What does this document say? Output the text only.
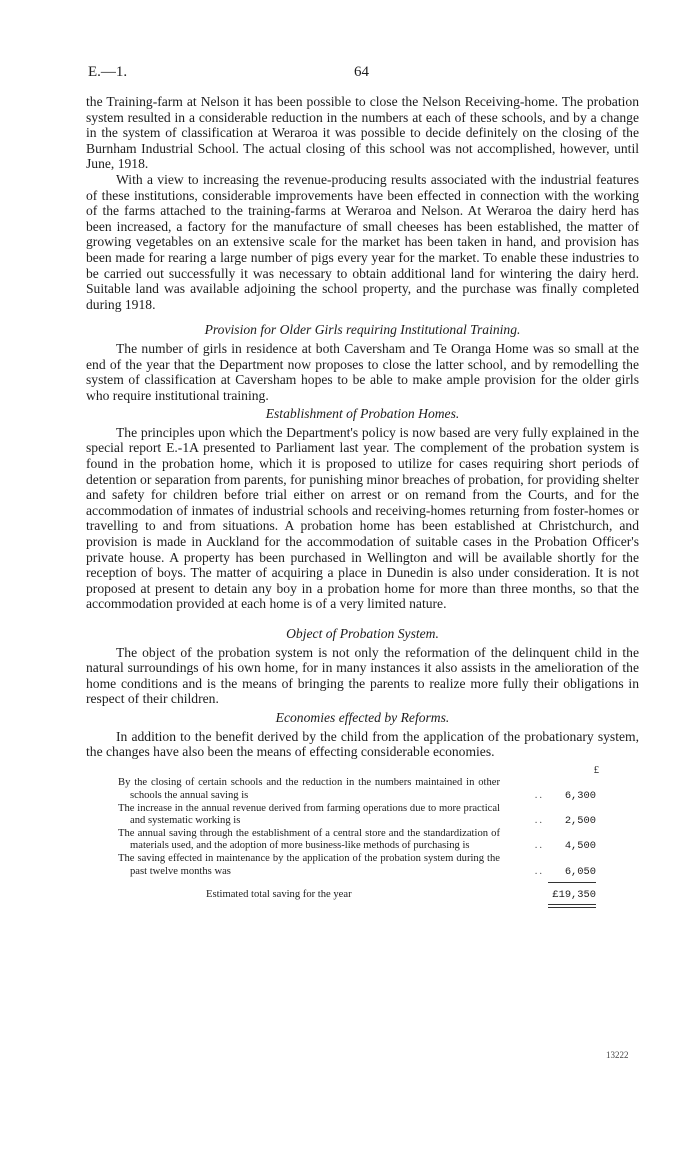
E.—1.	64

the Training-farm at Nelson it has been possible to close the Nelson Receiving-home. The probation system resulted in a considerable reduction in the numbers at each of these schools, and by a change in the system of classification at Weraroa it was possible to decide definitely on the closing of the Burnham Industrial School. The actual closing of this school was not accomplished, however, until June, 1918.

With a view to increasing the revenue-producing results associated with the industrial features of these institutions, considerable improvements have been effected in connection with the working of the farms attached to the training-farms at Weraroa and Nelson. At Weraroa the dairy herd has been increased, a factory for the manufacture of small cheeses has been established, the matter of growing vegetables on an extensive scale for the market has been taken in hand, and provision has been made for rearing a large number of pigs every year for the market. To enable these industries to be carried out successfully it was necessary to obtain additional land for wintering the dairy herd. Suitable land was available adjoining the school property, and the purchase was finally completed during 1918.

Provision for Older Girls requiring Institutional Training.

The number of girls in residence at both Caversham and Te Oranga Home was so small at the end of the year that the Department now proposes to close the latter school, and by remodelling the system of classification at Caversham hopes to be able to make ample provision for the older girls who require institutional training.

Establishment of Probation Homes.

The principles upon which the Department's policy is now based are very fully explained in the special report E.-1A presented to Parliament last year. The complement of the probation system is found in the probation home, which it is proposed to utilize for cases requiring short periods of detention or separation from parents, for punishing minor breaches of probation, for providing shelter and safety for children before trial either on arrest or on remand from the Courts, and for the accommodation of inmates of industrial schools and receiving-homes returning from foster-homes or travelling to and from situations. A probation home has been established at Christchurch, and provision is made in Auckland for the accommodation of suitable cases in the Probation Officer's private house. A property has been purchased in Wellington and will be available shortly for the reception of boys. The matter of acquiring a place in Dunedin is also under consideration. It is not proposed at present to detain any boy in a probation home for more than three months, so that the accommodation provided at each home is of a very limited nature.

Object of Probation System.

The object of the probation system is not only the reformation of the delinquent child in the natural surroundings of his own home, for in many instances it also assists in the amelioration of the home conditions and is the means of bringing the parents to realize more fully their obligations in respect of their children.

Economies effected by Reforms.

In addition to the benefit derived by the child from the application of the probationary system, the changes have also been the means of effecting considerable economies.

£
By the closing of certain schools and the reduction in the numbers maintained in other schools the annual saving is	..	6,300
The increase in the annual revenue derived from farming operations due to more practical and systematic working is	..	2,500
The annual saving through the establishment of a central store and the standardization of materials used, and the adoption of more business-like methods of purchasing is	..	4,500
The saving effected in maintenance by the application of the probation system during the past twelve months was	..	6,050
Estimated total saving for the year	£19,350
13222
